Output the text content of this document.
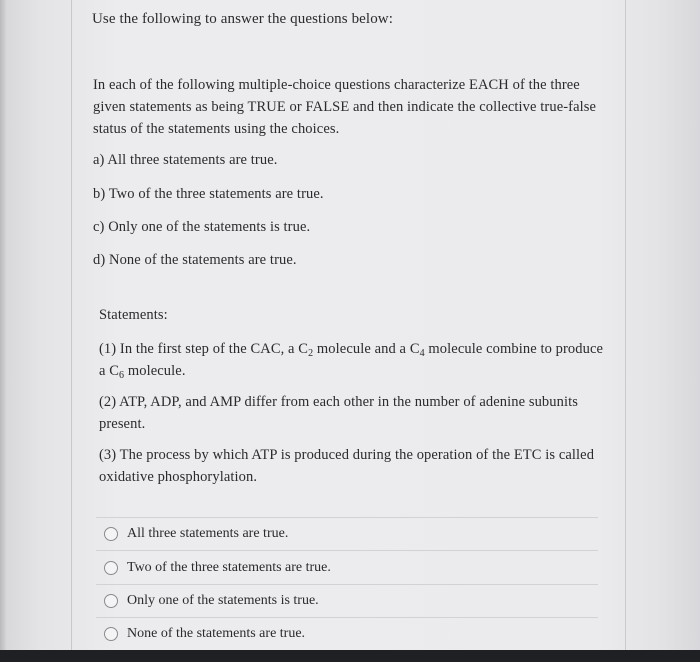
Use the following to answer the questions below:
In each of the following multiple-choice questions characterize EACH of the three given statements as being TRUE or FALSE and then indicate the collective true-false status of the statements using the choices.
a) All three statements are true.
b) Two of the three statements are true.
c) Only one of the statements is true.
d) None of the statements are true.
Statements:
(1) In the first step of the CAC, a $C_2$ molecule and a $C_4$ molecule combine to produce a $C_6$ molecule.
(2) ATP, ADP, and AMP differ from each other in the number of adenine subunits present.
(3) The process by which ATP is produced during the operation of the ETC is called oxidative phosphorylation.
All three statements are true.
Two of the three statements are true.
Only one of the statements is true.
None of the statements are true.
